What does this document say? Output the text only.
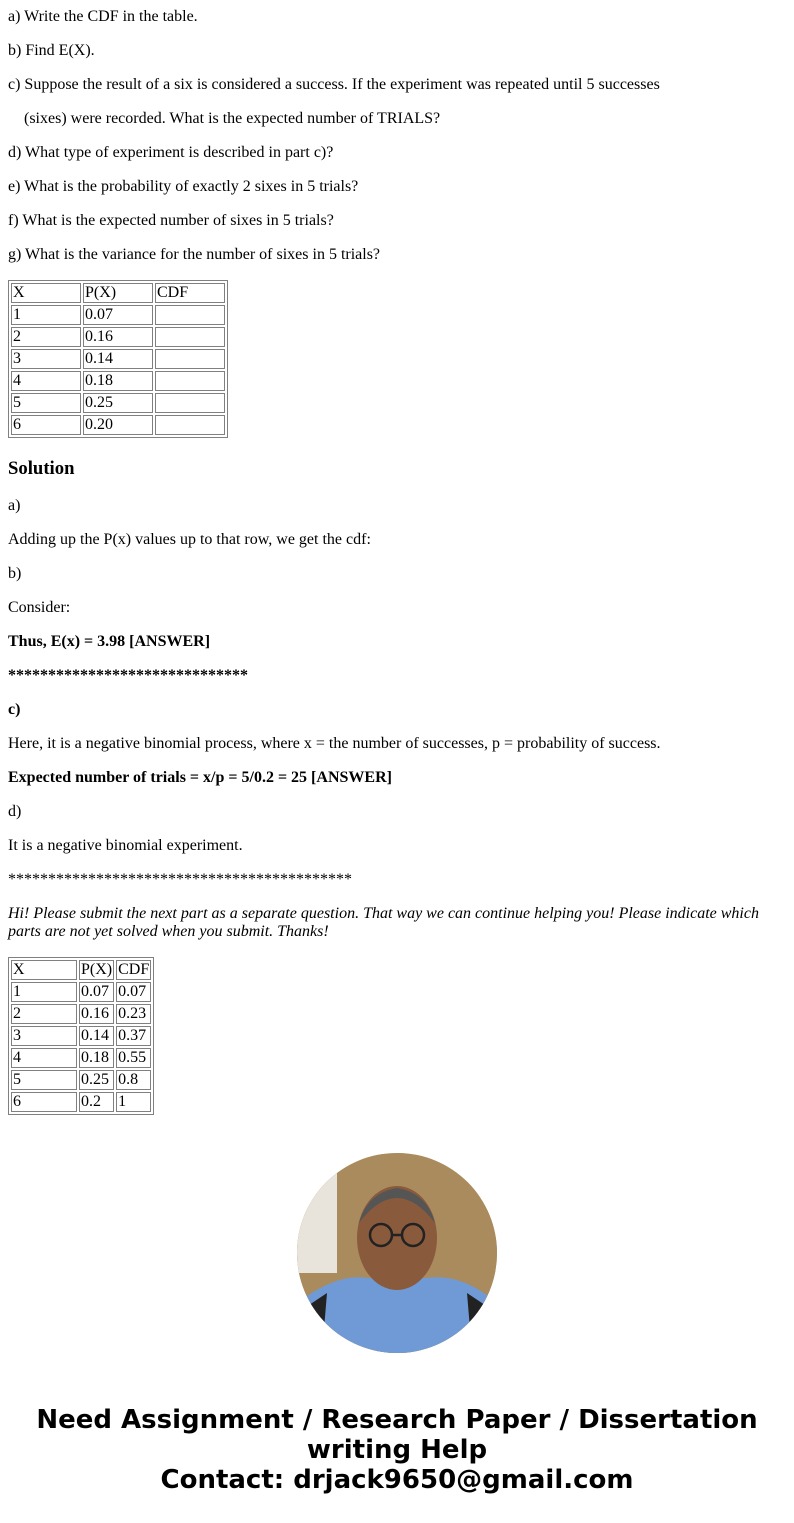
a) Write the CDF in the table.

b) Find E(X).

c) Suppose the result of a six is considered a success. If the experiment was repeated until 5 successes

(sixes) were recorded. What is the expected number of TRIALS?

d) What type of experiment is described in part c)?

e) What is the probability of exactly 2 sixes in 5 trials?

f) What is the expected number of sixes in 5 trials?

g) What is the variance for the number of sixes in 5 trials?

X	P(X)	CDF
1	0.07	
2	0.16	
3	0.14	
4	0.18	
5	0.25	
6	0.20	
Solution

a)

Adding up the P(x) values up to that row, we get the cdf:

b)

Consider:

Thus, E(x) = 3.98 [ANSWER]

******************************

c)

Here, it is a negative binomial process, where x = the number of successes, p = probability of success.

Expected number of trials = x/p = 5/0.2 = 25 [ANSWER]

d)

It is a negative binomial experiment.

*******************************************

Hi! Please submit the next part as a separate question. That way we can continue helping you! Please indicate which parts are not yet solved when you submit. Thanks!

X	P(X)	CDF
1	0.07	0.07
2	0.16	0.23
3	0.14	0.37
4	0.18	0.55
5	0.25	0.8
6	0.2	1
Need Assignment / Research Paper / Dissertation
writing Help
Contact: drjack9650@gmail.com
